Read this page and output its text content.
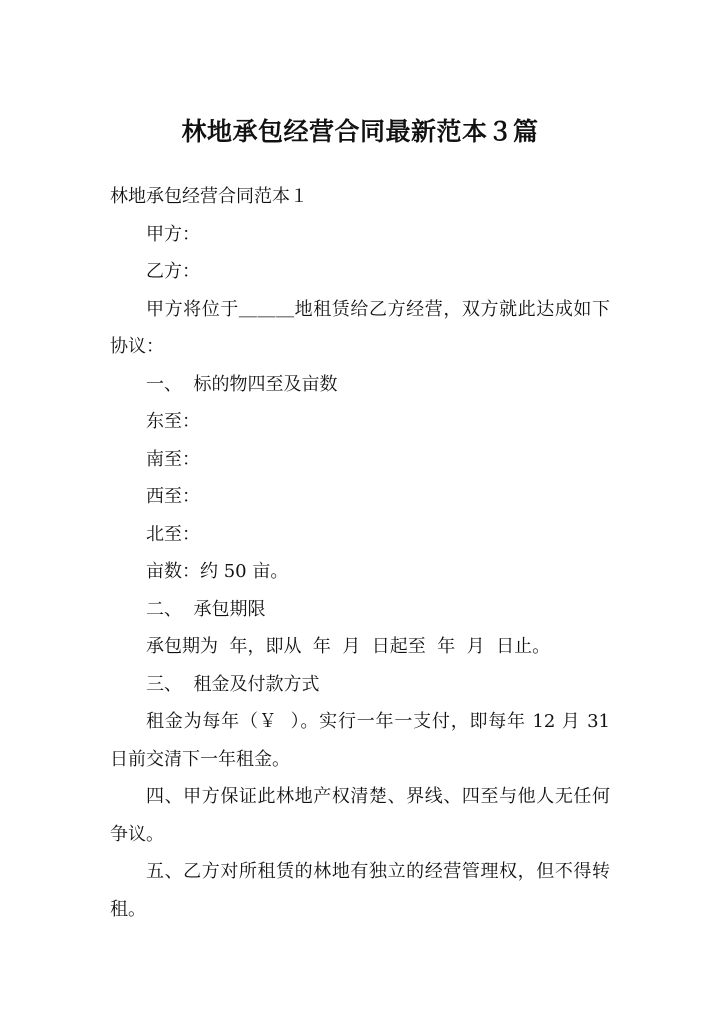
林地承包经营合同最新范本３篇

林地承包经营合同范本１

甲方：

乙方：

甲方将位于＿＿＿地租赁给乙方经营，双方就此达成如下协议：

一、  标的物四至及亩数

东至：

南至：

西至：

北至：

亩数：约 50 亩。

二、  承包期限

承包期为  年，即从  年  月  日起至  年  月  日止。

三、  租金及付款方式

租金为每年（￥  ）。实行一年一支付，即每年 12 月 31 日前交清下一年租金。

四、甲方保证此林地产权清楚、界线、四至与他人无任何争议。

五、乙方对所租赁的林地有独立的经营管理权，但不得转租。
